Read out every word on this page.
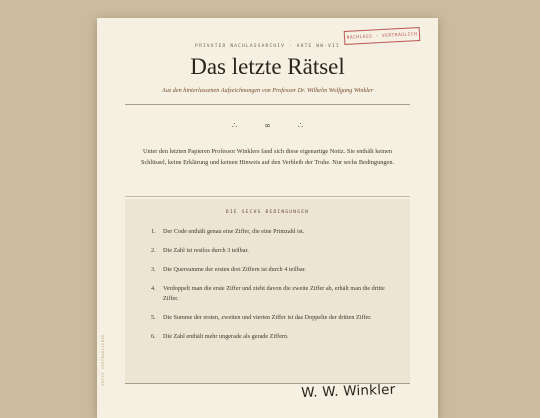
· KOPIE VERTRAULICHER
NACHLASS · VERTRAULICH
PRIVATER NACHLASSARCHIV · AKTE WW-VII
Das letzte Rätsel
Aus den hinterlassenen Aufzeichnungen von Professor Dr. Wilhelm Wolfgang Winkler
∴	∞	∴
Unter den letzten Papieren Professor Winklers fand sich diese eigenartige Notiz. Sie enthält keinen Schlüssel, keine Erklärung und keinen Hinweis auf den Verbleib der Truhe. Nur sechs Bedingungen.
DIE SECHS BEDINGUNGEN
1.	Der Code enthält genau eine Ziffer, die eine Primzahl ist.
2.	Die Zahl ist restlos durch 3 teilbar.
3.	Die Quersumme der ersten drei Ziffern ist durch 4 teilbar.
4.	Verdoppelt man die erste Ziffer und zieht davon die zweite Ziffer ab, erhält man die dritte Ziffer.
5.	Die Summe der ersten, zweiten und vierten Ziffer ist das Doppelte der dritten Ziffer.
6.	Die Zahl enthält mehr ungerade als gerade Ziffern.
W. W. Winkler
